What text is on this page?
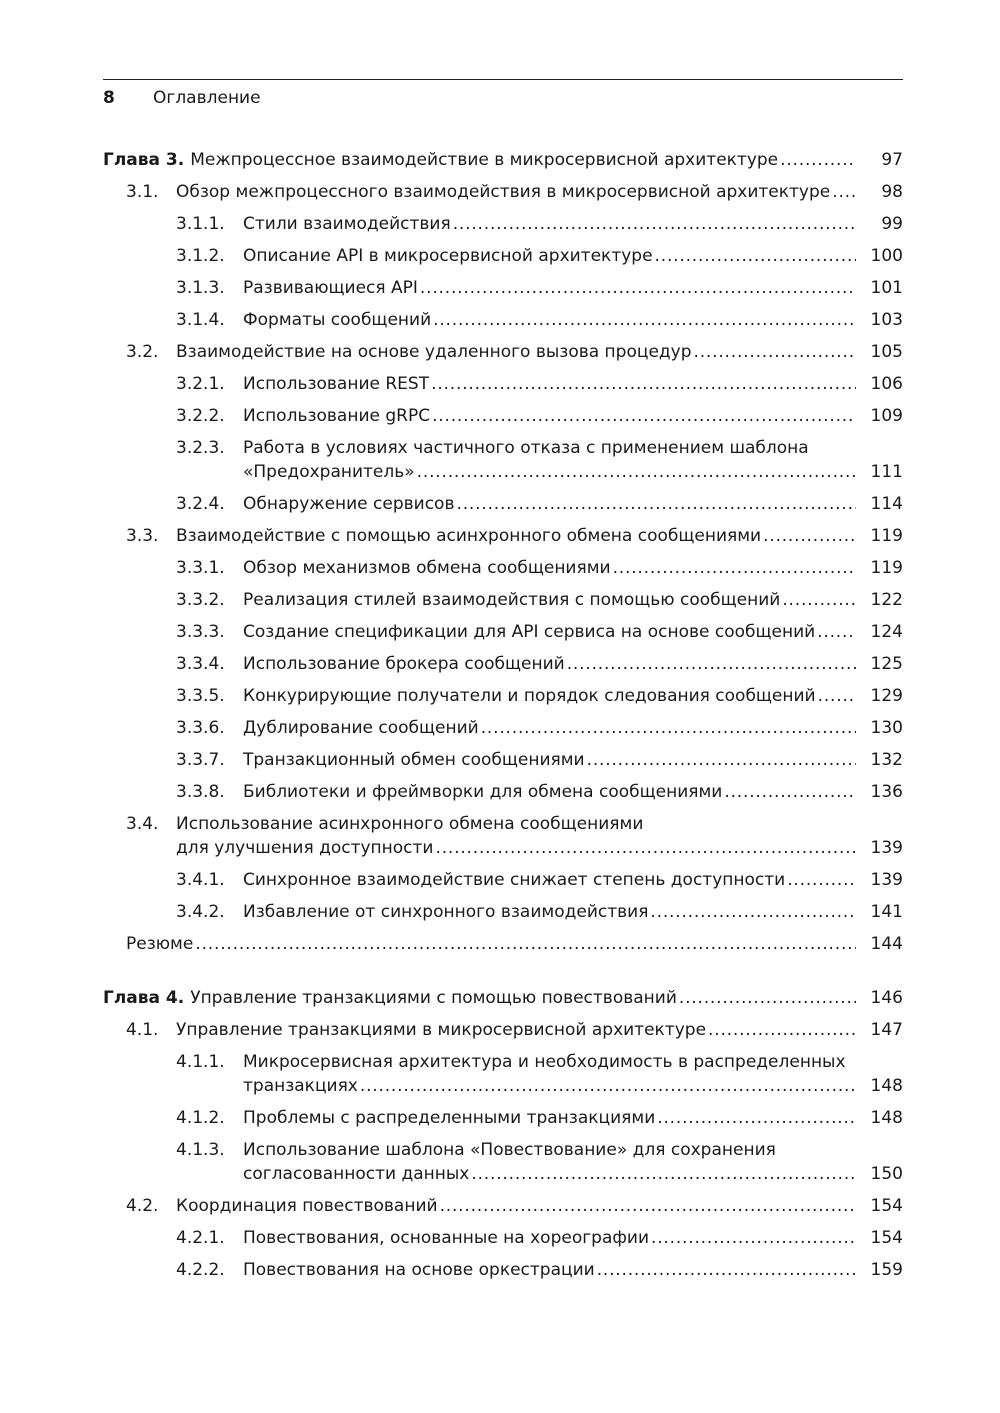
8	Оглавление
Глава 3. Межпроцессное взаимодействие в микросервисной архитектуре . . .	97
3.1. Обзор межпроцессного взаимодействия в микросервисной архитектуре . . .	98
3.1.1. Стили взаимодействия . . .	99
3.1.2. Описание API в микросервисной архитектуре . . .	100
3.1.3. Развивающиеся API . . .	101
3.1.4. Форматы сообщений . . .	103
3.2. Взаимодействие на основе удаленного вызова процедур . . .	105
3.2.1. Использование REST . . .	106
3.2.2. Использование gRPC . . .	109
3.2.3. Работа в условиях частичного отказа с применением шаблона
«Предохранитель» . . .	111
3.2.4. Обнаружение сервисов . . .	114
3.3. Взаимодействие с помощью асинхронного обмена сообщениями . . .	119
3.3.1. Обзор механизмов обмена сообщениями . . .	119
3.3.2. Реализация стилей взаимодействия с помощью сообщений . . .	122
3.3.3. Создание спецификации для API сервиса на основе сообщений . . .	124
3.3.4. Использование брокера сообщений . . .	125
3.3.5. Конкурирующие получатели и порядок следования сообщений . . .	129
3.3.6. Дублирование сообщений . . .	130
3.3.7. Транзакционный обмен сообщениями . . .	132
3.3.8. Библиотеки и фреймворки для обмена сообщениями . . .	136
3.4. Использование асинхронного обмена сообщениями
для улучшения доступности . . .	139
3.4.1. Синхронное взаимодействие снижает степень доступности . . .	139
3.4.2. Избавление от синхронного взаимодействия . . .	141
Резюме . . .	144
Глава 4. Управление транзакциями с помощью повествований . . .	146
4.1. Управление транзакциями в микросервисной архитектуре . . .	147
4.1.1. Микросервисная архитектура и необходимость в распределенных
транзакциях . . .	148
4.1.2. Проблемы с распределенными транзакциями . . .	148
4.1.3. Использование шаблона «Повествование» для сохранения
согласованности данных . . .	150
4.2. Координация повествований . . .	154
4.2.1. Повествования, основанные на хореографии . . .	154
4.2.2. Повествования на основе оркестрации . . .	159
